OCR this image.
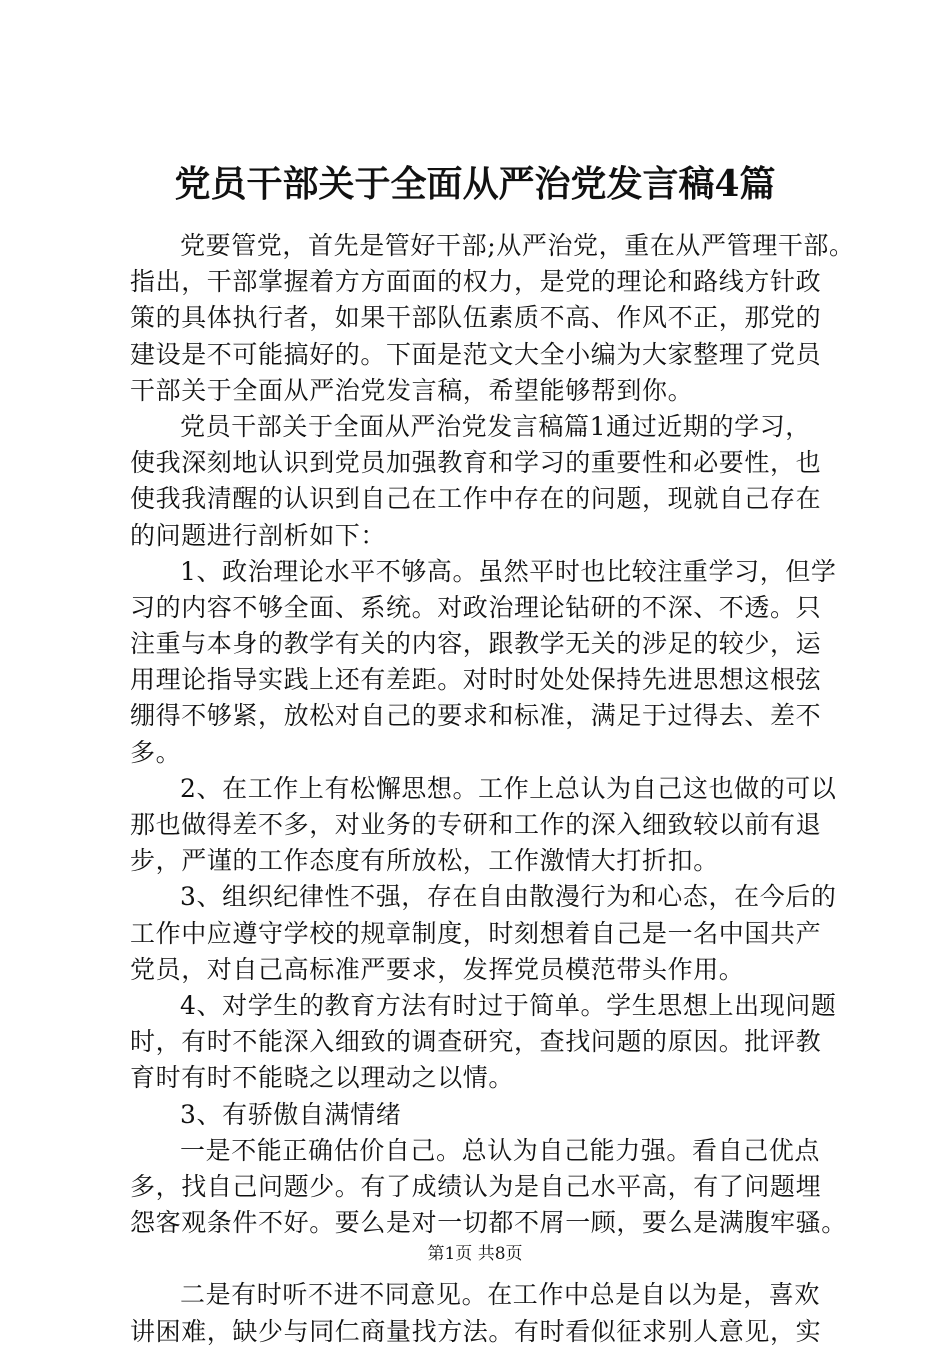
党员干部关于全面从严治党发言稿4篇
党要管党，首先是管好干部;从严治党，重在从严管理干部。
指出，干部掌握着方方面面的权力，是党的理论和路线方针政
策的具体执行者，如果干部队伍素质不高、作风不正，那党的
建设是不可能搞好的。下面是范文大全小编为大家整理了党员
干部关于全面从严治党发言稿，希望能够帮到你。
党员干部关于全面从严治党发言稿篇1通过近期的学习，
使我深刻地认识到党员加强教育和学习的重要性和必要性，也
使我我清醒的认识到自己在工作中存在的问题，现就自己存在
的问题进行剖析如下：
1、政治理论水平不够高。虽然平时也比较注重学习，但学
习的内容不够全面、系统。对政治理论钻研的不深、不透。只
注重与本身的教学有关的内容，跟教学无关的涉足的较少，运
用理论指导实践上还有差距。对时时处处保持先进思想这根弦
绷得不够紧，放松对自己的要求和标准，满足于过得去、差不
多。
2、在工作上有松懈思想。工作上总认为自己这也做的可以
那也做得差不多，对业务的专研和工作的深入细致较以前有退
步，严谨的工作态度有所放松，工作激情大打折扣。
3、组织纪律性不强，存在自由散漫行为和心态，在今后的
工作中应遵守学校的规章制度，时刻想着自己是一名中国共产
党员，对自己高标准严要求，发挥党员模范带头作用。
4、对学生的教育方法有时过于简单。学生思想上出现问题
时，有时不能深入细致的调查研究，查找问题的原因。批评教
育时有时不能晓之以理动之以情。
3、有骄傲自满情绪
一是不能正确估价自己。总认为自己能力强。看自己优点
多，找自己问题少。有了成绩认为是自己水平高，有了问题埋
怨客观条件不好。要么是对一切都不屑一顾，要么是满腹牢骚。
二是有时听不进不同意见。在工作中总是自以为是，喜欢
讲困难，缺少与同仁商量找方法。有时看似征求别人意见，实
第1页 共8页
